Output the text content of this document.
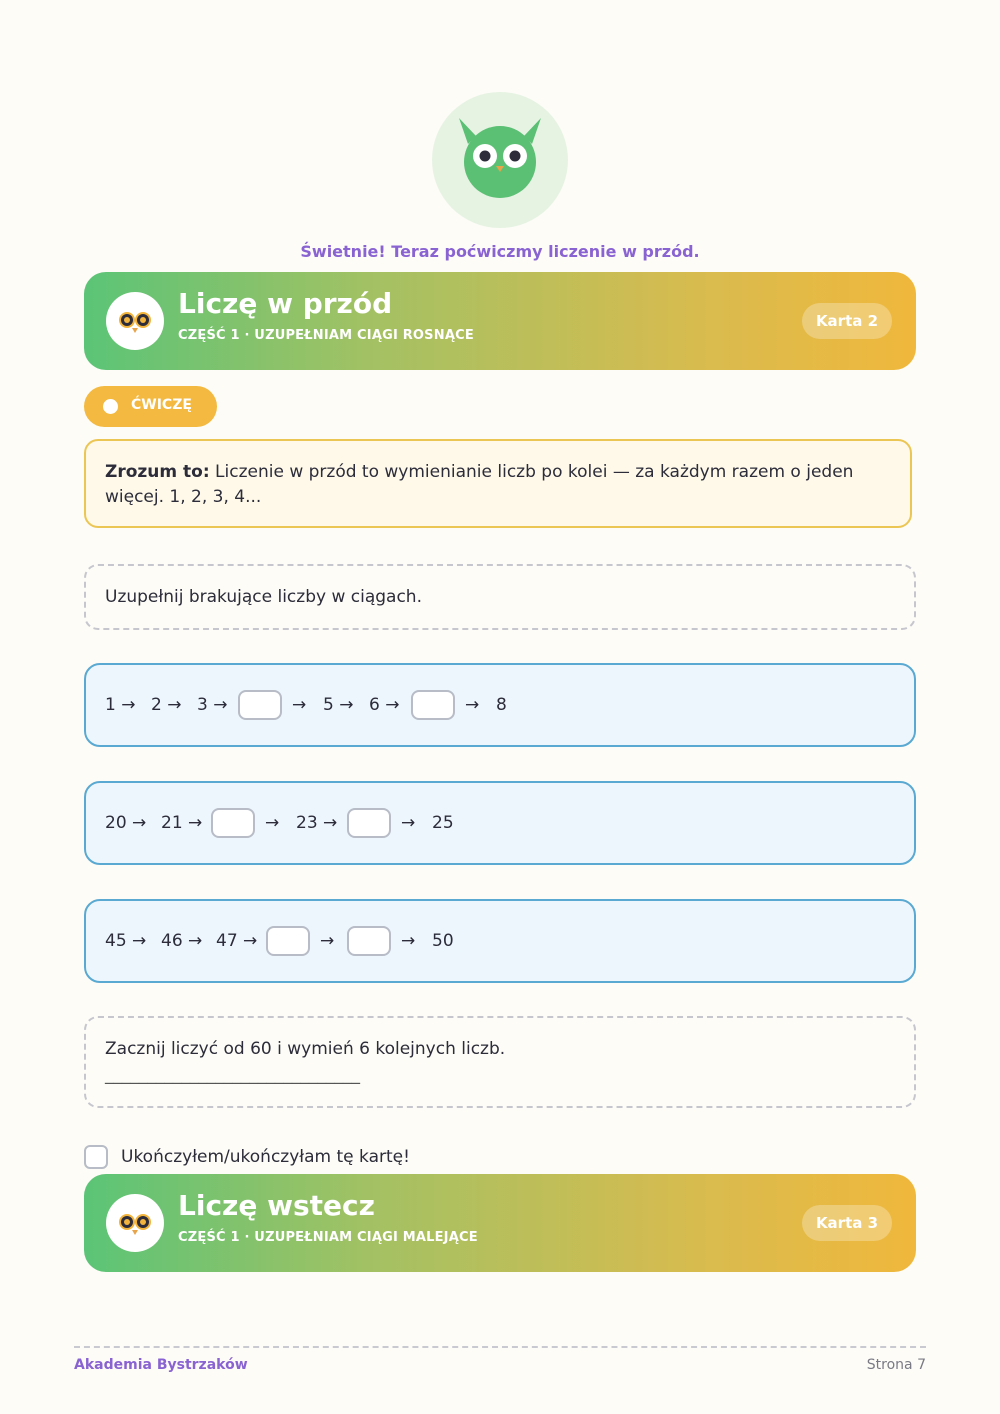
Świetnie! Teraz poćwiczmy liczenie w przód.
Liczę w przód
CZĘŚĆ 1 · UZUPEŁNIAM CIĄGI ROSNĄCE
Karta 2
ĆWICZĘ
Zrozum to: Liczenie w przód to wymienianie liczb po kolei — za każdym razem o jeden więcej. 1, 2, 3, 4...
Uzupełnij brakujące liczby w ciągach.
1 → 2 → 3 →	→ 5 → 6 →	→ 8
20 → 21 →	→ 23 →	→ 25
45 → 46 → 47 →	→	→ 50
Zacznij liczyć od 60 i wymień 6 kolejnych liczb.
______________________________
Ukończyłem/ukończyłam tę kartę!
Liczę wstecz
CZĘŚĆ 1 · UZUPEŁNIAM CIĄGI MALEJĄCE
Karta 3
Akademia Bystrzaków	Strona 7
